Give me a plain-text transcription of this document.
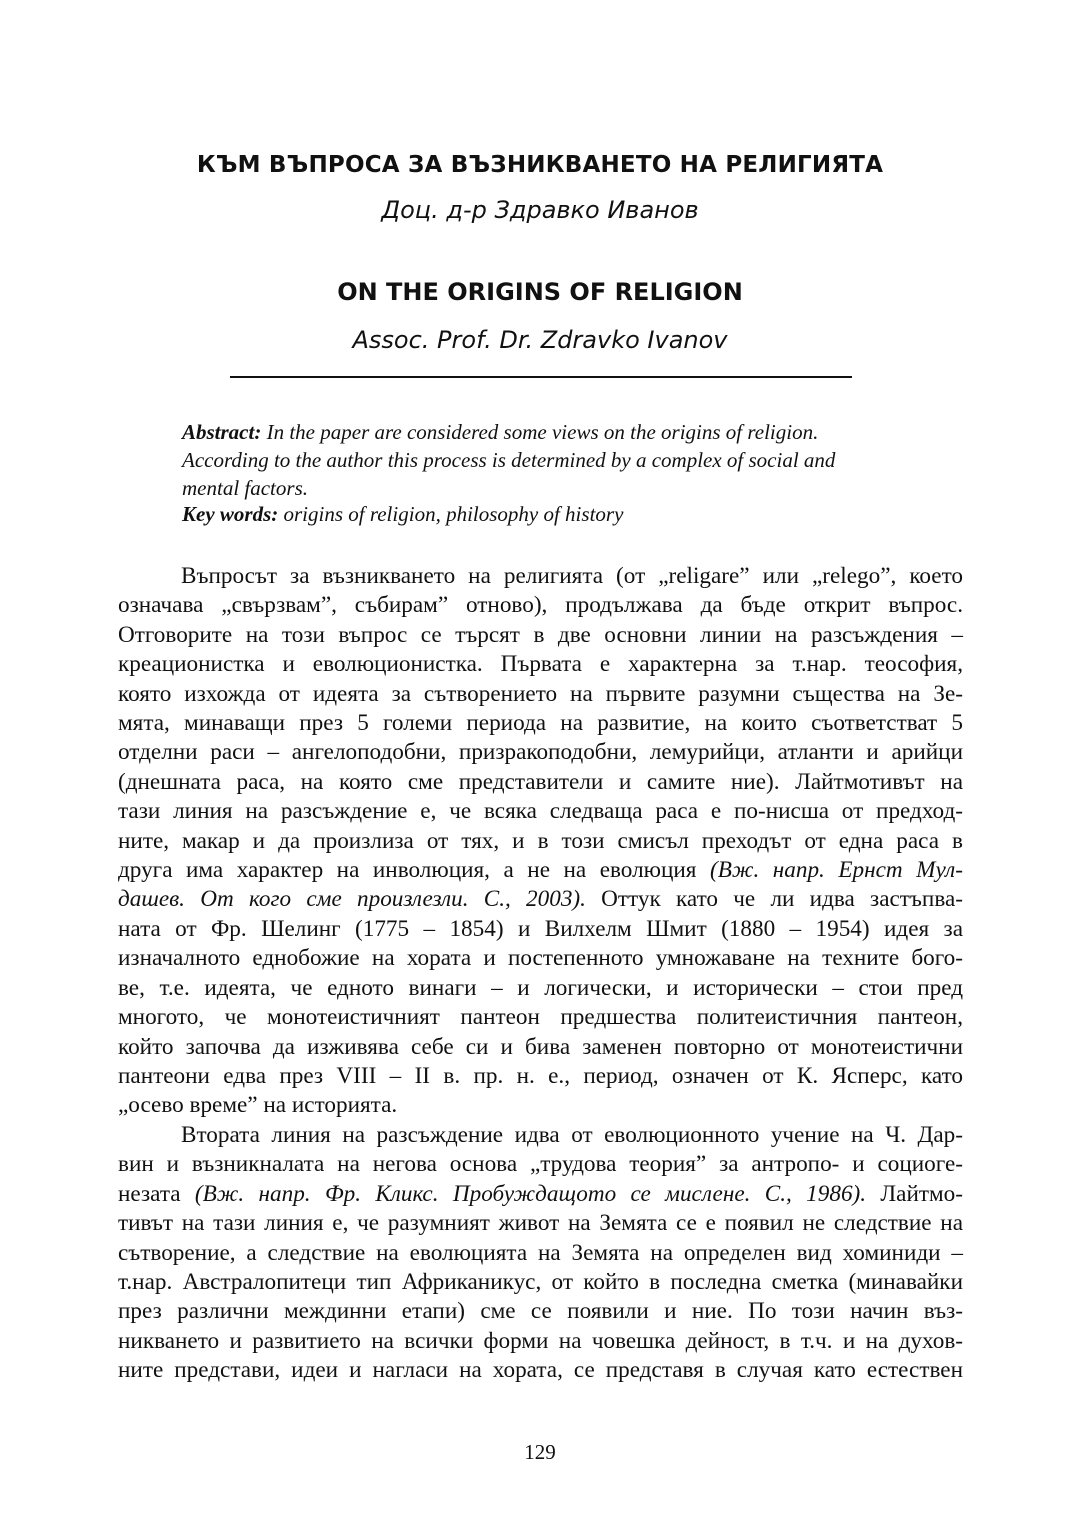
КЪМ ВЪПРОСА ЗА ВЪЗНИКВАНЕТО НА РЕЛИГИЯТА
Доц. д-р Здравко Иванов
ON THE ORIGINS OF RELIGION
Assoc. Prof. Dr. Zdravko Ivanov
Abstract: In the paper are considered some views on the origins of religion.
According to the author this process is determined by a complex of social and
mental factors.
Key words: origins of religion, philosophy of history
Въпросът за възникването на религията (от „religare” или „relego”, което
означава „свързвам”, събирам” отново), продължава да бъде открит въпрос.
Отговорите на този въпрос се търсят в две основни линии на разсъждения –
креационистка и еволюционистка. Първата е характерна за т.нар. теософия,
която изхожда от идеята за сътворението на първите разумни същества на Зе-
мята, минаващи през 5 големи периода на развитие, на които съответстват 5
отделни раси – ангелоподобни, призракоподобни, лемурийци, атланти и арийци
(днешната раса, на която сме представители и самите ние). Лайтмотивът на
тази линия на разсъждение е, че всяка следваща раса е по-нисша от предход-
ните, макар и да произлиза от тях, и в този смисъл преходът от една раса в
друга има характер на инволюция, а не на еволюция (Вж. напр. Ернст Мул-
дашев. От кого сме произлезли. С., 2003). Оттук като че ли идва застъпва-
ната от Фр. Шелинг (1775 – 1854) и Вилхелм Шмит (1880 – 1954) идея за
изначалното еднобожие на хората и постепенното умножаване на техните бого-
ве, т.е. идеята, че едното винаги – и логически, и исторически – стои пред
многото, че монотеистичният пантеон предшества политеистичния пантеон,
който започва да изживява себе си и бива заменен повторно от монотеистични
пантеони едва през VIII – II в. пр. н. е., период, означен от К. Ясперс, като
„осево време” на историята.
Втората линия на разсъждение идва от еволюционното учение на Ч. Дар-
вин и възникналата на негова основа „трудова теория” за антропо- и социоге-
незата (Вж. напр. Фр. Кликс. Пробуждащото се мислене. С., 1986). Лайтмо-
тивът на тази линия е, че разумният живот на Земята се е появил не следствие на
сътворение, а следствие на еволюцията на Земята на определен вид хоминиди –
т.нар. Австралопитеци тип Африканикус, от който в последна сметка (минавайки
през различни междинни етапи) сме се появили и ние. По този начин въз-
никването и развитието на всички форми на човешка дейност, в т.ч. и на духов-
ните представи, идеи и нагласи на хората, се представя в случая като естествен
129
